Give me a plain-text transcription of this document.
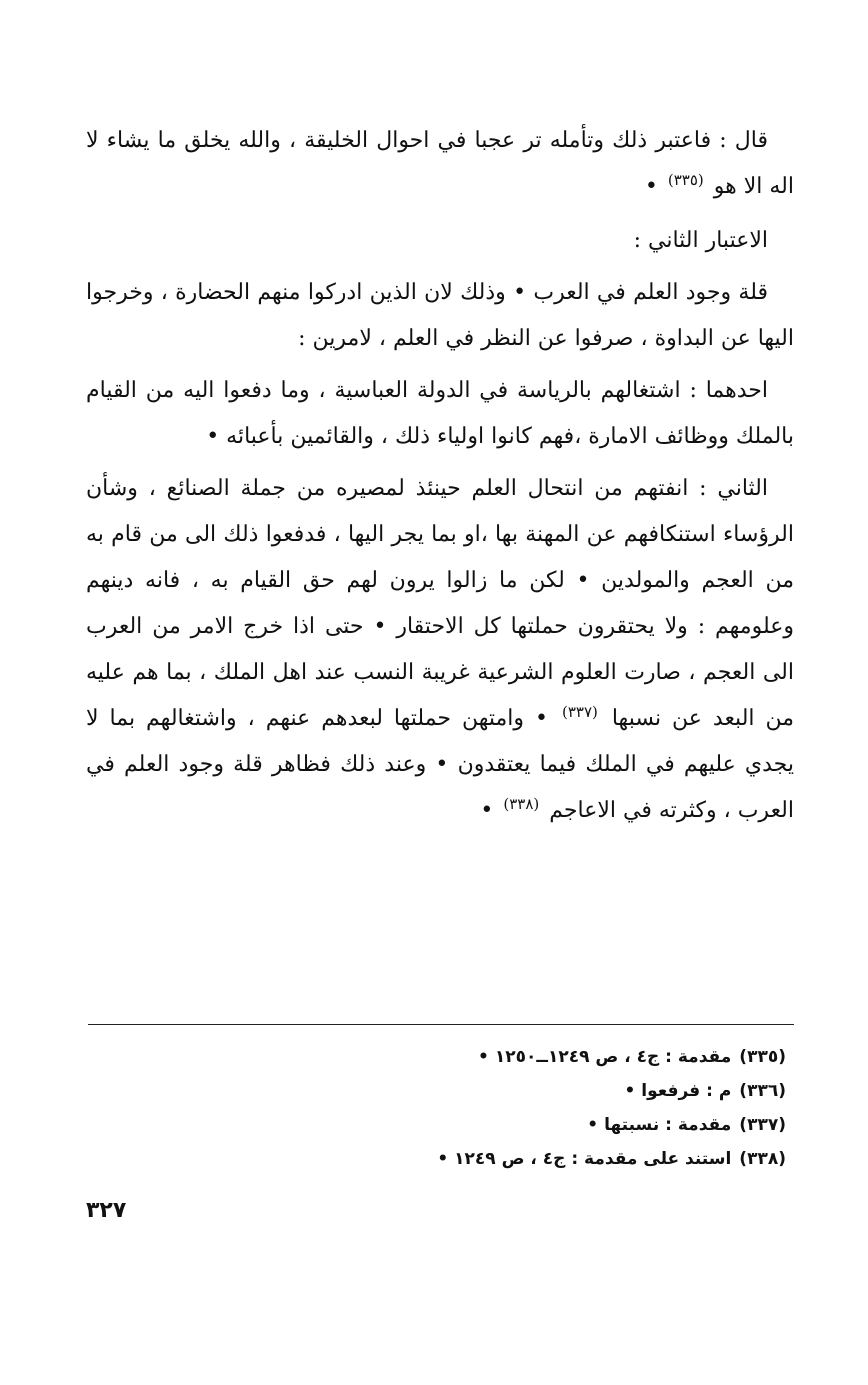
قال : فاعتبر ذلك وتأمله تر عجبا في احوال الخليقة ، والله يخلق ما يشاء لا اله الا هو $^{(٣٣٥)}$ •

الاعتبار الثاني :

قلة وجود العلم في العرب • وذلك لان الذين ادركوا منهم الحضارة ، وخرجوا اليها عن البداوة ، صرفوا عن النظر في العلم ، لامرين :

احدهما : اشتغالهم بالرياسة في الدولة العباسية ، وما دفعوا اليه من القيام بالملك ووظائف الامارة ،فهم كانوا اولياء ذلك ، والقائمين بأعبائه •

الثاني : انفتهم من انتحال العلم حينئذ لمصيره من جملة الصنائع ، وشأن الرؤساء استنكافهم عن المهنة بها ،او بما يجر اليها ، فدفعوا ذلك الى من قام به من العجم والمولدين • لكن ما زالوا يرون لهم حق القيام به ، فانه دينهم وعلومهم : ولا يحتقرون حملتها كل الاحتقار • حتى اذا خرج الامر من العرب الى العجم ، صارت العلوم الشرعية غريبة النسب عند اهل الملك ، بما هم عليه من البعد عن نسبها $^{(٣٣٧)}$ • وامتهن حملتها لبعدهم عنهم ، واشتغالهم بما لا يجدي عليهم في الملك فيما يعتقدون • وعند ذلك فظاهر قلة وجود العلم في العرب ، وكثرته في الاعاجم $^{(٣٣٨)}$ •

(٣٣٥)مقدمة : ج٤ ، ص ١٢٤٩ــ١٢٥٠ •
(٣٣٦)م : فرفعوا •
(٣٣٧)مقدمة : نسبتها •
(٣٣٨)استند على مقدمة : ج٤ ، ص ١٢٤٩ •
٣٢٧
